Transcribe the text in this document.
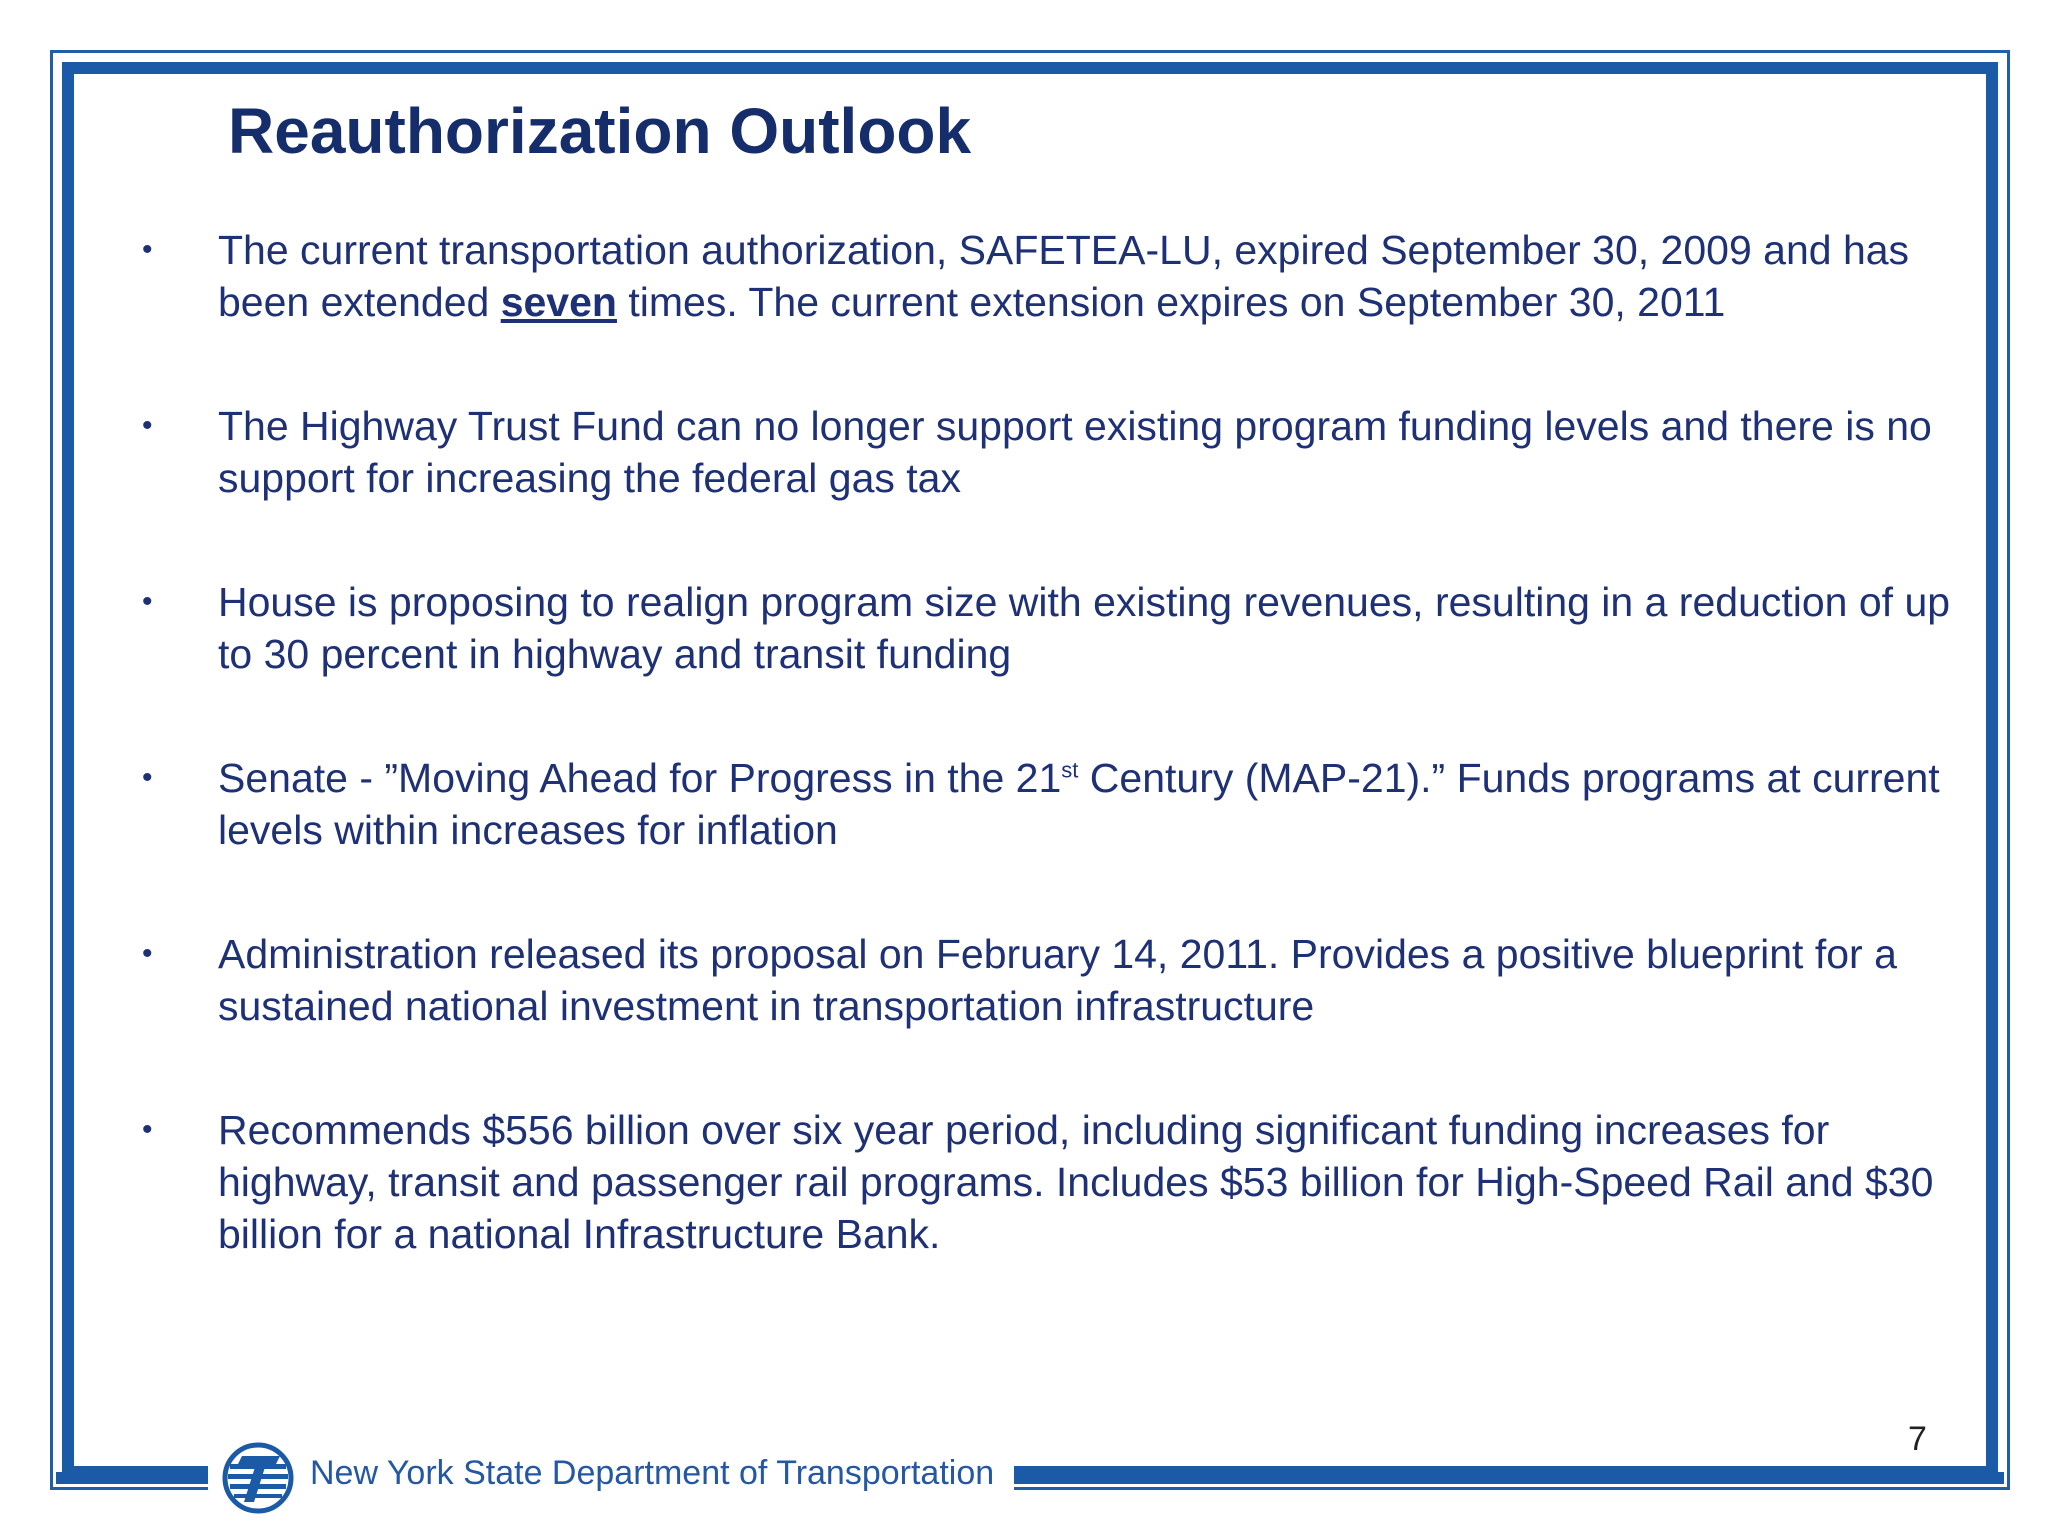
Reauthorization Outlook
• The current transportation authorization, SAFETEA-LU, expired September 30, 2009 and has been extended seven times. The current extension expires on September 30, 2011
• The Highway Trust Fund can no longer support existing program funding levels and there is no support for increasing the federal gas tax
• House is proposing to realign program size with existing revenues, resulting in a reduction of up to 30 percent in highway and transit funding
• Senate - ”Moving Ahead for Progress in the 21st Century (MAP-21).” Funds programs at current levels within increases for inflation
• Administration released its proposal on February 14, 2011. Provides a positive blueprint for a sustained national investment in transportation infrastructure
• Recommends $556 billion over six year period, including significant funding increases for highway, transit and passenger rail programs. Includes $53 billion for High-Speed Rail and $30 billion for a national Infrastructure Bank.
7
New York State Department of Transportation
